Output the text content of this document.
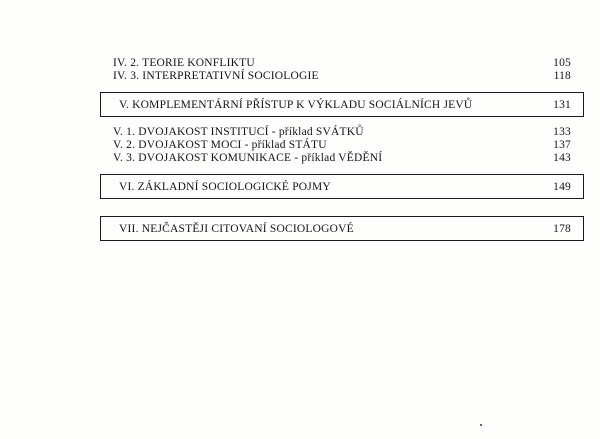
IV. 2. TEORIE KONFLIKTU	105
IV. 3. INTERPRETATIVNÍ SOCIOLOGIE	118
V. KOMPLEMENTÁRNÍ PŘÍSTUP K VÝKLADU SOCIÁLNÍCH JEVŮ	131
V. 1. DVOJAKOST INSTITUCÍ - příklad SVÁTKŮ	133
V. 2. DVOJAKOST MOCI - příklad STÁTU	137
V. 3. DVOJAKOST KOMUNIKACE - příklad VĚDĚNÍ	143
VI. ZÁKLADNÍ SOCIOLOGICKÉ POJMY	149
VII. NEJČASTĚJI CITOVANÍ SOCIOLOGOVÉ	178
